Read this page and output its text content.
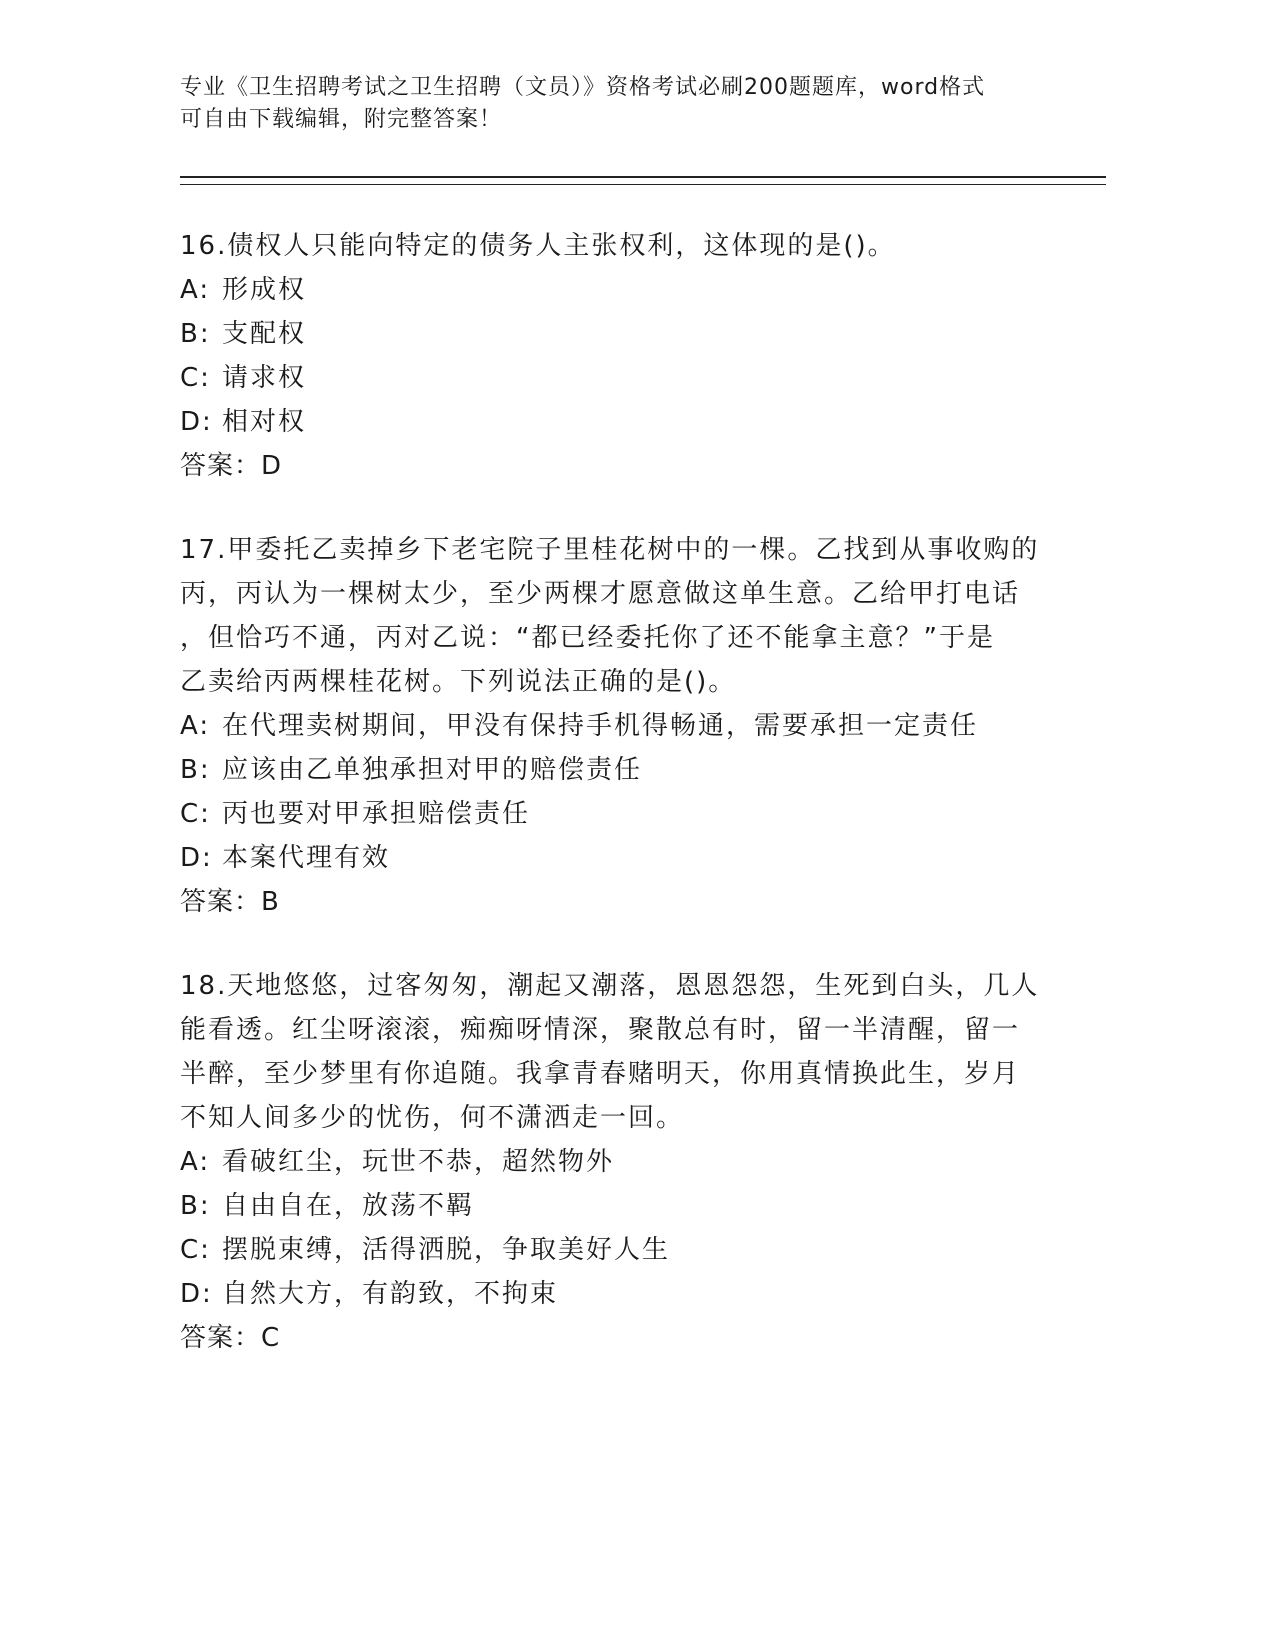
专业《卫生招聘考试之卫生招聘（文员）》资格考试必刷200题题库，word格式
可自由下载编辑，附完整答案！
16.债权人只能向特定的债务人主张权利，这体现的是()。
A: 形成权
B: 支配权
C: 请求权
D: 相对权
答案：D
17.甲委托乙卖掉乡下老宅院子里桂花树中的一棵。乙找到从事收购的
丙，丙认为一棵树太少，至少两棵才愿意做这单生意。乙给甲打电话
，但恰巧不通，丙对乙说：“都已经委托你了还不能拿主意？”于是
乙卖给丙两棵桂花树。下列说法正确的是()。
A: 在代理卖树期间，甲没有保持手机得畅通，需要承担一定责任
B: 应该由乙单独承担对甲的赔偿责任
C: 丙也要对甲承担赔偿责任
D: 本案代理有效
答案：B
18.天地悠悠，过客匆匆，潮起又潮落，恩恩怨怨，生死到白头，几人
能看透。红尘呀滚滚，痴痴呀情深，聚散总有时，留一半清醒，留一
半醉，至少梦里有你追随。我拿青春赌明天，你用真情换此生，岁月
不知人间多少的忧伤，何不潇洒走一回。
A: 看破红尘，玩世不恭，超然物外
B: 自由自在，放荡不羁
C: 摆脱束缚，活得洒脱，争取美好人生
D: 自然大方，有韵致，不拘束
答案：C
